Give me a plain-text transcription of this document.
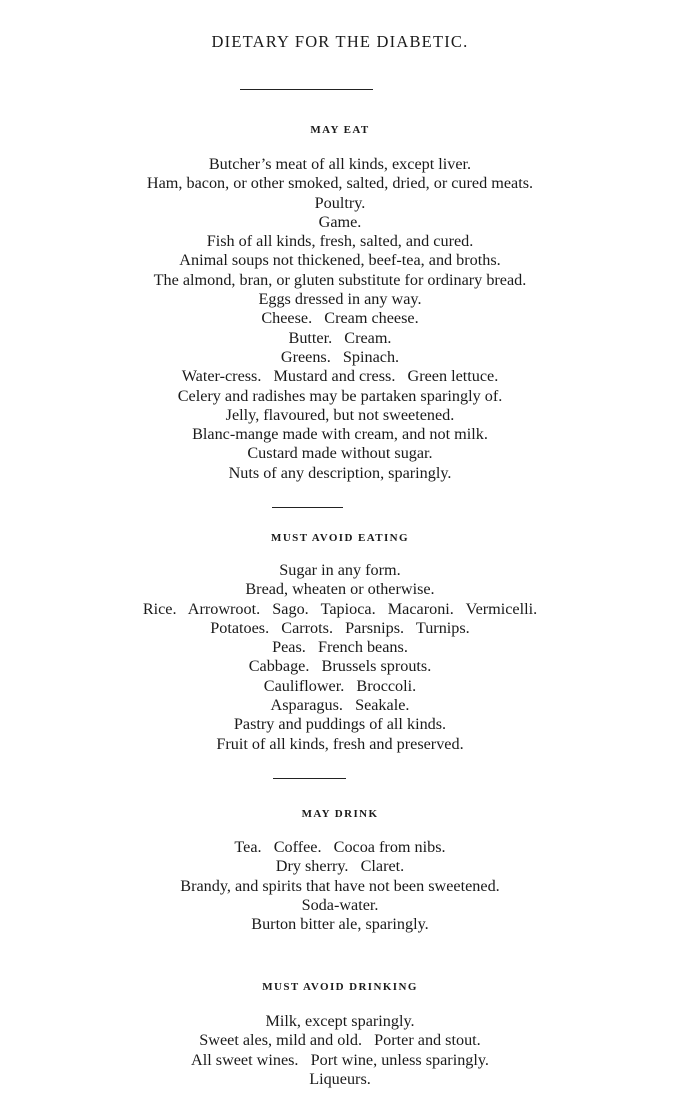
DIETARY FOR THE DIABETIC.
MAY EAT
Butcher’s meat of all kinds, except liver.
Ham, bacon, or other smoked, salted, dried, or cured meats.
Poultry.
Game.
Fish of all kinds, fresh, salted, and cured.
Animal soups not thickened, beef-tea, and broths.
The almond, bran, or gluten substitute for ordinary bread.
Eggs dressed in any way.
Cheese.   Cream cheese.
Butter.   Cream.
Greens.   Spinach.
Water-cress.   Mustard and cress.   Green lettuce.
Celery and radishes may be partaken sparingly of.
Jelly, flavoured, but not sweetened.
Blanc-mange made with cream, and not milk.
Custard made without sugar.
Nuts of any description, sparingly.
MUST AVOID EATING
Sugar in any form.
Bread, wheaten or otherwise.
Rice.   Arrowroot.   Sago.   Tapioca.   Macaroni.   Vermicelli.
Potatoes.   Carrots.   Parsnips.   Turnips.
Peas.   French beans.
Cabbage.   Brussels sprouts.
Cauliflower.   Broccoli.
Asparagus.   Seakale.
Pastry and puddings of all kinds.
Fruit of all kinds, fresh and preserved.
MAY DRINK
Tea.   Coffee.   Cocoa from nibs.
Dry sherry.   Claret.
Brandy, and spirits that have not been sweetened.
Soda-water.
Burton bitter ale, sparingly.
MUST AVOID DRINKING
Milk, except sparingly.
Sweet ales, mild and old.   Porter and stout.
All sweet wines.   Port wine, unless sparingly.
Liqueurs.
